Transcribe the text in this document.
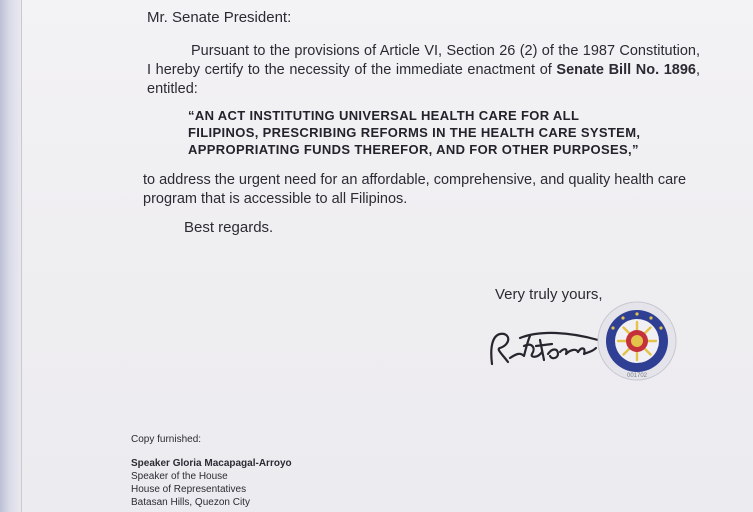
Mr. Senate President:
Pursuant to the provisions of Article VI, Section 26 (2) of the 1987 Constitution, I hereby certify to the necessity of the immediate enactment of Senate Bill No. 1896, entitled:
“AN ACT INSTITUTING UNIVERSAL HEALTH CARE FOR ALL FILIPINOS, PRESCRIBING REFORMS IN THE HEALTH CARE SYSTEM, APPROPRIATING FUNDS THEREFOR, AND FOR OTHER PURPOSES,”
to address the urgent need for an affordable, comprehensive, and quality health care program that is accessible to all Filipinos.
Best regards.
Very truly yours,
001702
Copy furnished:
Speaker Gloria Macapagal-Arroyo
Speaker of the House
House of Representatives
Batasan Hills, Quezon City
